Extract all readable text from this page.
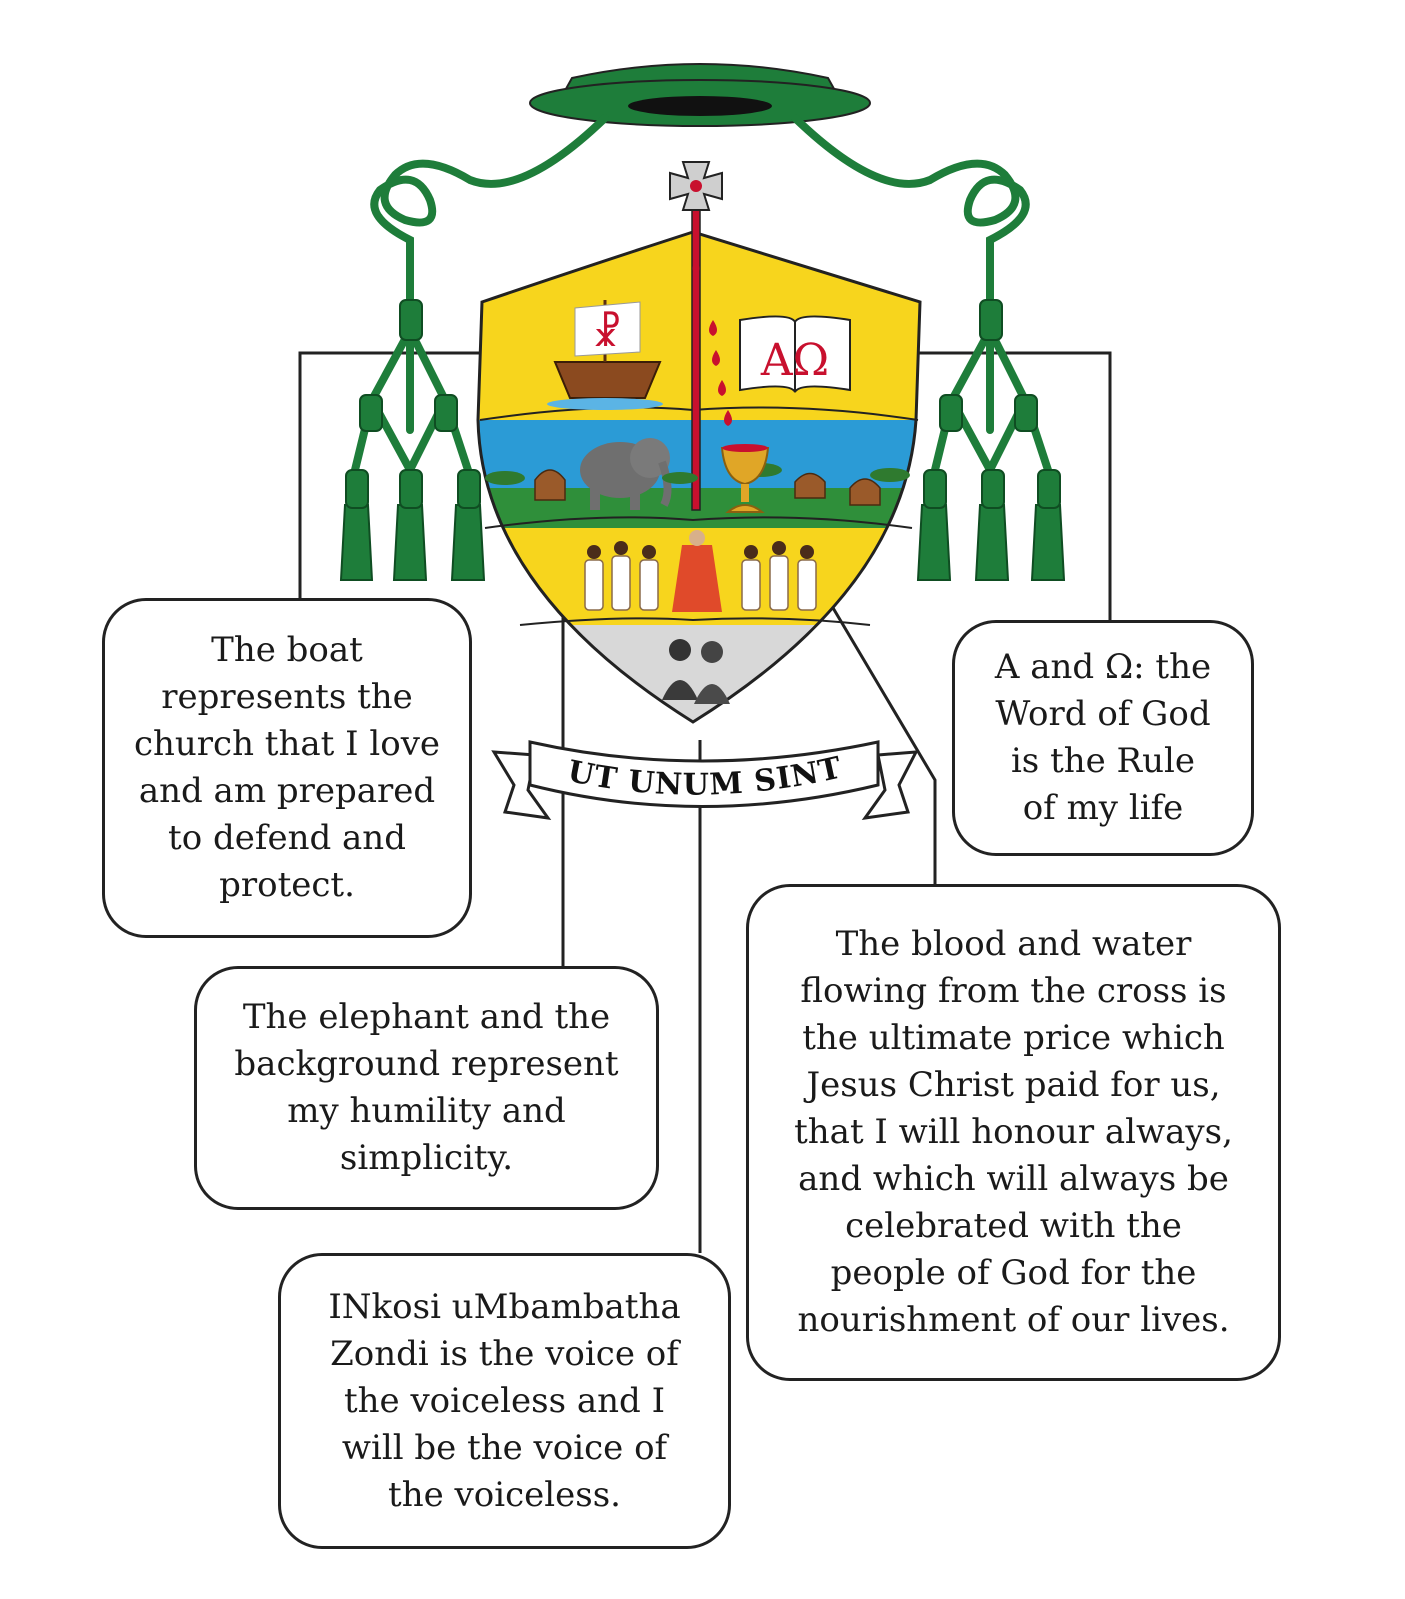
☧
AΩ
UT UNUM SINT
The boat
represents the
church that I love
and am prepared
to defend and
protect.
A and Ω: the
Word of God
is the Rule
of my life
The blood and water
flowing from the cross is
the ultimate price which
Jesus Christ paid for us,
that I will honour always,
and which will always be
celebrated with the
people of God for the
nourishment of our lives.
The elephant and the
background represent
my humility and
simplicity.
INkosi uMbambatha
Zondi is the voice of
the voiceless and I
will be the voice of
the voiceless.
